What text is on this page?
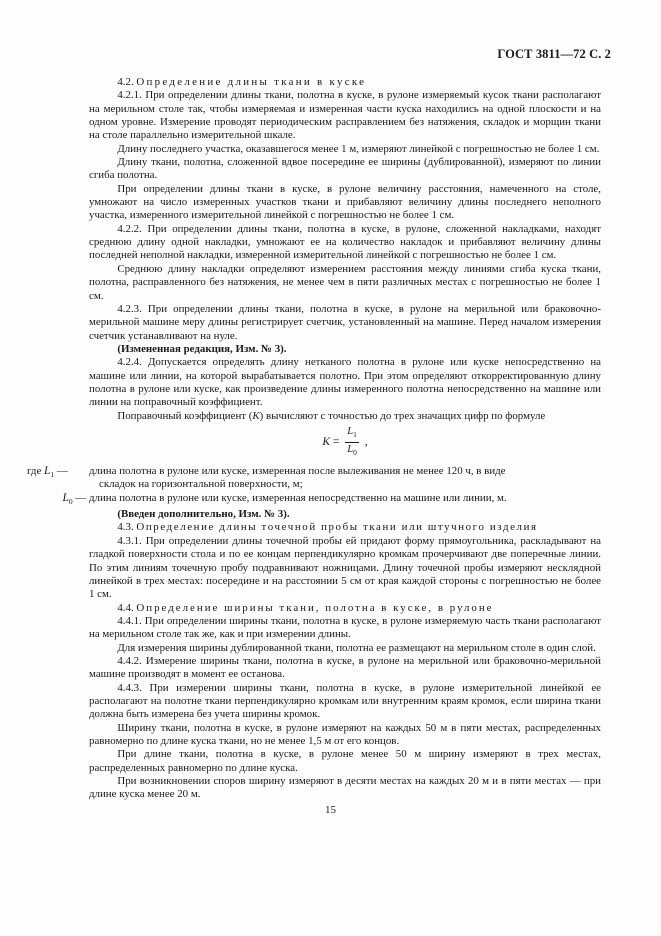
ГОСТ 3811—72 С. 2

4.2. Определение длины ткани в куске

4.2.1. При определении длины ткани, полотна в куске, в рулоне измеряемый кусок ткани располагают на мерильном столе так, чтобы измеряемая и измеренная части куска находились на одной плоскости и на одном уровне. Измерение проводят периодическим расправлением без натяжения, складок и морщин ткани на столе параллельно измерительной шкале.

Длину последнего участка, оказавшегося менее 1 м, измеряют линейкой с погрешностью не более 1 см.

Длину ткани, полотна, сложенной вдвое посередине ее ширины (дублированной), измеряют по линии сгиба полотна.

При определении длины ткани в куске, в рулоне величину расстояния, намеченного на столе, умножают на число измеренных участков ткани и прибавляют величину длины последнего неполного участка, измеренного измерительной линейкой с погрешностью не более 1 см.

4.2.2. При определении длины ткани, полотна в куске, в рулоне, сложенной накладками, находят среднюю длину одной накладки, умножают ее на количество накладок и прибавляют величину длины последней неполной накладки, измеренной измерительной линейкой с погрешностью не более 1 см.

Среднюю длину накладки определяют измерением расстояния между линиями сгиба куска ткани, полотна, расправленного без натяжения, не менее чем в пяти различных местах с погрешностью не более 1 см.

4.2.3. При определении длины ткани, полотна в куске, в рулоне на мерильной или браковочно-мерильной машине меру длины регистрирует счетчик, установленный на машине. Перед началом измерения счетчик устанавливают на нуле.

(Измененная редакция, Изм. № 3).

4.2.4. Допускается определять длину нетканого полотна в рулоне или куске непосредственно на машине или линии, на которой вырабатывается полотно. При этом определяют откорректированную длину полотна в рулоне или куске, как произведение длины измеренного полотна непосредственно на машине или линии на поправочный коэффициент.

Поправочный коэффициент (K) вычисляют с точностью до трех значащих цифр по формуле

$K = \frac{L_1}{L_0}$ ,
где $L_1$ —	длина полотна в рулоне или куске, измеренная после вылеживания не менее 120 ч, в виде
складок на горизонтальной поверхности, м;
$L_0$ — длина полотна в рулоне или куске, измеренная непосредственно на машине или линии, м.

(Введен дополнительно, Изм. № 3).

4.3. Определение длины точечной пробы ткани или штучного изделия

4.3.1. При определении длины точечной пробы ей придают форму прямоугольника, раскладывают на гладкой поверхности стола и по ее концам перпендикулярно кромкам прочерчивают две поперечные линии. По этим линиям точечную пробу подравнивают ножницами. Длину точечной пробы измеряют несклядной линейкой в трех местах: посередине и на расстоянии 5 см от края каждой стороны с погрешностью не более 1 см.

4.4. Определение ширины ткани, полотна в куске, в рулоне

4.4.1. При определении ширины ткани, полотна в куске, в рулоне измеряемую часть ткани располагают на мерильном столе так же, как и при измерении длины.

Для измерения ширины дублированной ткани, полотна ее размещают на мерильном столе в один слой.

4.4.2. Измерение ширины ткани, полотна в куске, в рулоне на мерильной или браковочно-мерильной машине производят в момент ее останова.

4.4.3. При измерении ширины ткани, полотна в куске, в рулоне измерительной линейкой ее располагают на полотне ткани перпендикулярно кромкам или внутренним краям кромок, если ширина ткани должна быть измерена без учета ширины кромок.

Ширину ткани, полотна в куске, в рулоне измеряют на каждых 50 м в пяти местах, распределенных равномерно по длине куска ткани, но не менее 1,5 м от его концов.

При длине ткани, полотна в куске, в рулоне менее 50 м ширину измеряют в трех местах, распределенных равномерно по длине куска.

При возникновении споров ширину измеряют в десяти местах на каждых 20 м и в пяти местах — при длине куска менее 20 м.

15
